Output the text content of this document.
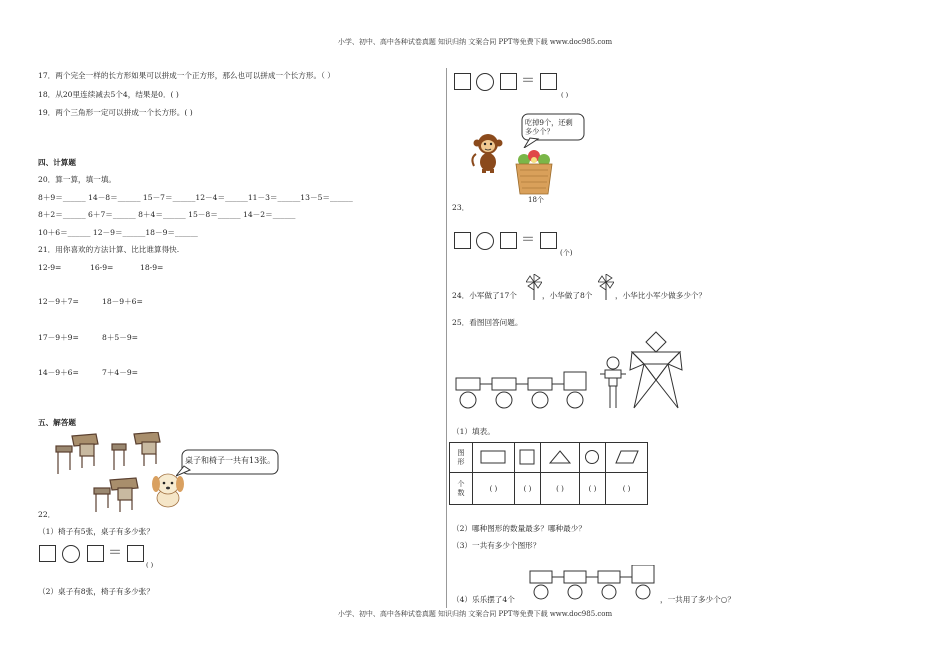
小学、初中、高中各种试卷真题 知识归纳 文案合同 PPT等免费下载 www.doc985.com
小学、初中、高中各种试卷真题 知识归纳 文案合同 PPT等免费下载 www.doc985.com
17．两个完全一样的长方形如果可以拼成一个正方形，那么也可以拼成一个长方形。（ ）
18．从20里连续减去5个4，结果是0．( )
19．两个三角形一定可以拼成一个长方形。( )
四、计算题
20．算一算，填一填。
8＋9＝______ 14－8＝______ 15－7＝______12－4＝______11－3＝______13－5＝______
8＋2＝______ 6＋7＝______ 8＋4＝______ 15－8＝______ 14－2＝______
10＋6＝______ 12－9＝______18－9＝______
21．用你喜欢的方法计算、比比谁算得快.
12-9=	16-9=	18-9=
12－9＋7=	18－9＋6=
17－9＋9=	8＋5－9=
14－9＋6=	7＋4－9=
五、解答题
桌子和椅子一共有13张。
22．
（1）椅子有5张，桌子有多少张？
＝
( )
（2）桌子有8张，椅子有多少张？
＝
( )
吃掉9个，还剩多少个？
18个
23．
＝
(个)
24．小军做了17个	，小华做了8个	，小华比小军少做多少个？
25．看图回答问题。
（1）填表。
图
形					
个
数	( )	( )	( )	( )	( )
（2）哪种图形的数量最多？哪种最少？
（3）一共有多少个图形？
（4）乐乐摆了4个	，一共用了多少个○？
